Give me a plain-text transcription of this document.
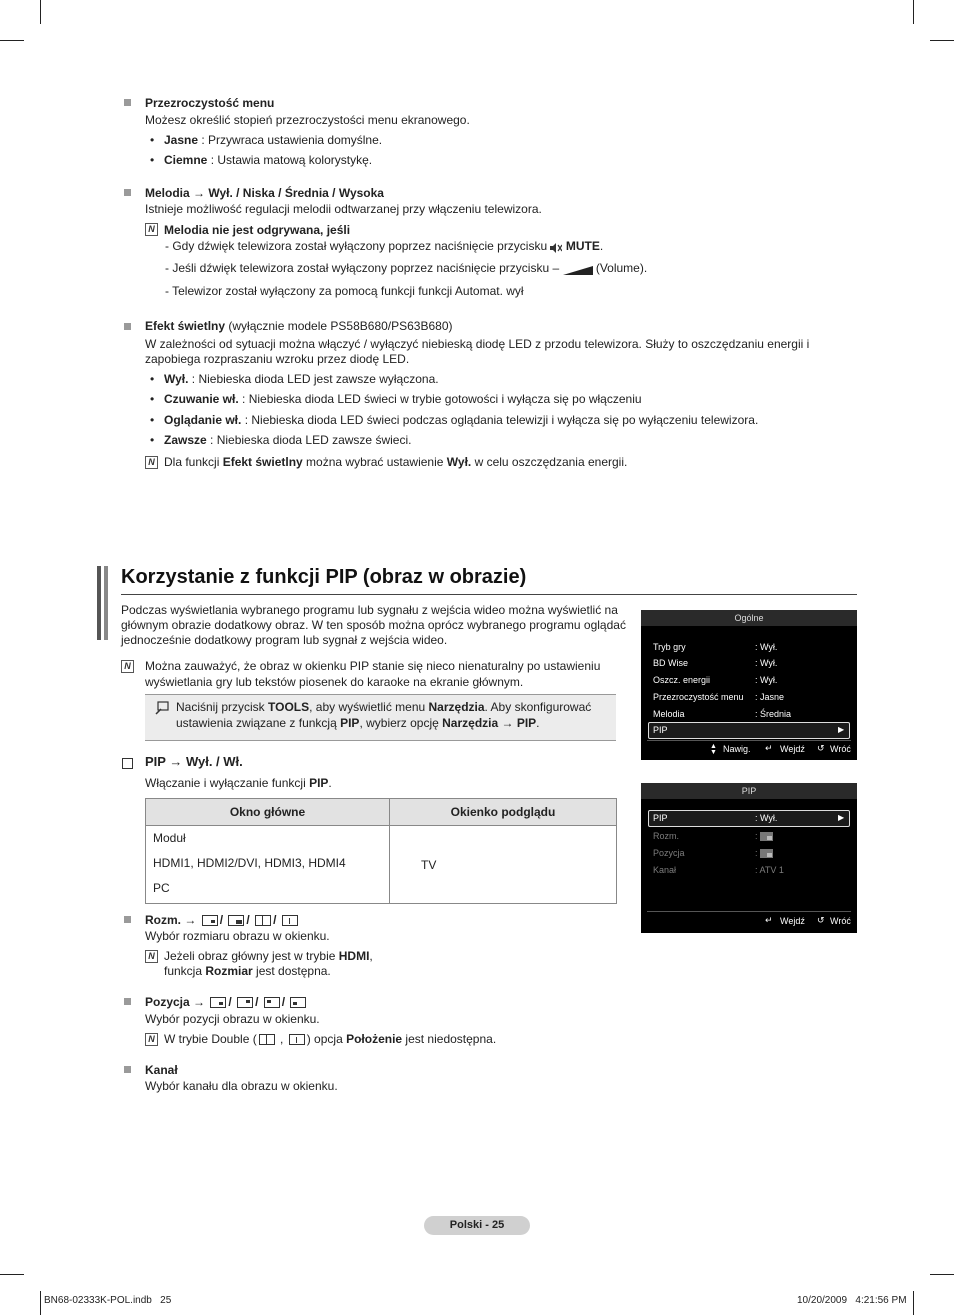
Przezroczystość menu
Możesz określić stopień przezroczystości menu ekranowego.
• Jasne : Przywraca ustawienia domyślne.
• Ciemne : Ustawia matową kolorystykę.
Melodia → Wył. / Niska / Średnia / Wysoka
Istnieje możliwość regulacji melodii odtwarzanej przy włączeniu telewizora.
N Melodia nie jest odgrywana, jeśli
- Gdy dźwięk telewizora został wyłączony poprzez naciśnięcie przycisku  MUTE.
- Jeśli dźwięk telewizora został wyłączony poprzez naciśnięcie przycisku –	(Volume).
- Telewizor został wyłączony za pomocą funkcji funkcji Automat. wył
Efekt świetlny (wyłącznie modele PS58B680/PS63B680)
W zależności od sytuacji można włączyć / wyłączyć niebieską diodę LED z przodu telewizora. Służy to oszczędzaniu energii i
zapobiega rozpraszaniu wzroku przez diodę LED.
• Wył. : Niebieska dioda LED jest zawsze wyłączona.
• Czuwanie wł. : Niebieska dioda LED świeci w trybie gotowości i wyłącza się po włączeniu
• Oglądanie wł. : Niebieska dioda LED świeci podczas oglądania telewizji i wyłącza się po wyłączeniu telewizora.
• Zawsze : Niebieska dioda LED zawsze świeci.
N Dla funkcji Efekt świetlny można wybrać ustawienie Wył. w celu oszczędzania energii.
Korzystanie z funkcji PIP (obraz w obrazie)
Podczas wyświetlania wybranego programu lub sygnału z wejścia wideo można wyświetlić na
głównym obrazie dodatkowy obraz. W ten sposób można oprócz wybranego programu oglądać
jednocześnie dodatkowy program lub sygnał z wejścia wideo.
N Można zauważyć, że obraz w okienku PIP stanie się nieco nienaturalny po ustawieniu
wyświetlania gry lub tekstów piosenek do karaoke na ekranie głównym.
Naciśnij przycisk TOOLS, aby wyświetlić menu Narzędzia. Aby skonfigurować
ustawienia związane z funkcją PIP, wybierz opcję Narzędzia → PIP.
PIP → Wył. / Wł.
Włączanie i wyłączanie funkcji PIP.
Okno główne	Okienko podglądu

Moduł
HDMI1, HDMI2/DVI, HDMI3, HDMI4
PC	TV
Rozm. → / / /
Wybór rozmiaru obrazu w okienku.
N Jeżeli obraz główny jest w trybie HDMI,
funkcja Rozmiar jest dostępna.
Pozycja → / / /
Wybór pozycji obrazu w okienku.
N W trybie Double (
,
) opcja Położenie jest niedostępna.
Kanał
Wybór kanału dla obrazu w okienku.
Ogólne
Tryb gry	: Wył.
BD Wise	: Wył.
Oszcz. energii	: Wył.
Przezroczystość menu : Jasne
Melodia	: Średnia
PIP	▶
▲
▼ Nawig. ↵ Wejdź ↺ Wróć
PIP
PIP	: Wył.	▶
Rozm.	:
Pozycja	:
Kanał	: ATV 1
↵ Wejdź ↺ Wróć
Polski - 25
BN68-02333K-POL.indb   25	10/20/2009   4:21:56 PM
